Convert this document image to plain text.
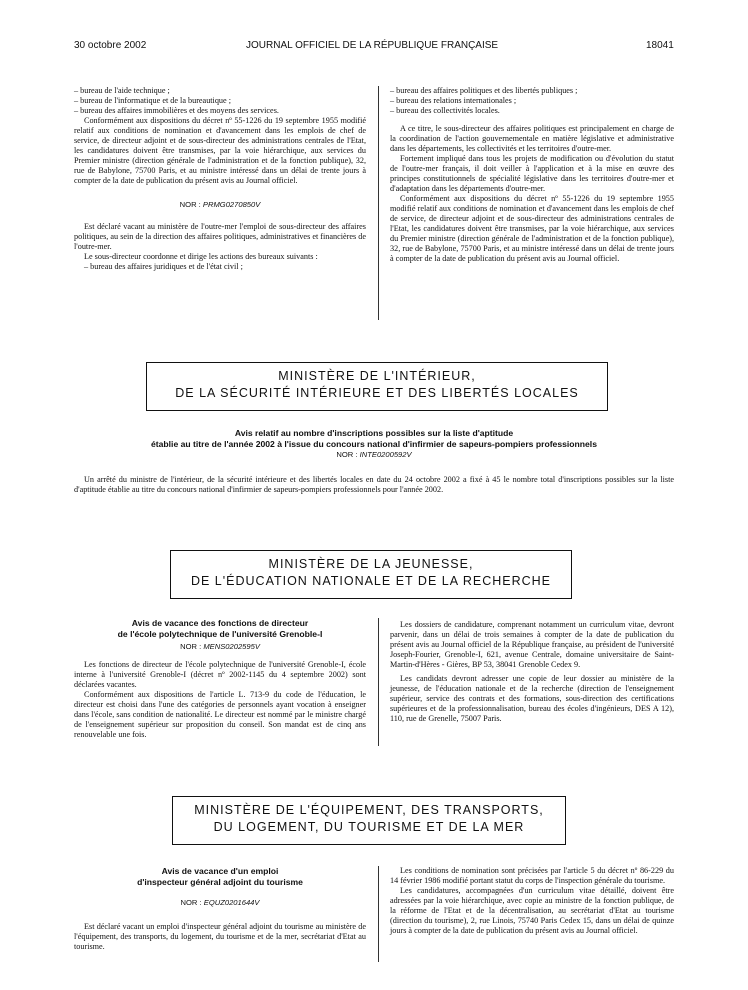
30 octobre 2002	JOURNAL OFFICIEL DE LA RÉPUBLIQUE FRANÇAISE	18041

– bureau de l'aide technique ;

– bureau de l'informatique et de la bureautique ;

– bureau des affaires immobilières et des moyens des services.

Conformément aux dispositions du décret nº 55-1226 du 19 septembre 1955 modifié relatif aux conditions de nomination et d'avancement dans les emplois de chef de service, de directeur adjoint et de sous-directeur des administrations centrales de l'Etat, les candidatures doivent être transmises, par la voie hiérarchique, aux services du Premier ministre (direction générale de l'administration et de la fonction publique), 32, rue de Babylone, 75700 Paris, et au ministre intéressé dans un délai de trente jours à compter de la date de publication du présent avis au Journal officiel.

NOR : PRMG0270850V

Est déclaré vacant au ministère de l'outre-mer l'emploi de sous-directeur des affaires politiques, au sein de la direction des affaires politiques, administratives et financières de l'outre-mer.

Le sous-directeur coordonne et dirige les actions des bureaux suivants :

– bureau des affaires juridiques et de l'état civil ;

– bureau des affaires politiques et des libertés publiques ;

– bureau des relations internationales ;

– bureau des collectivités locales.

A ce titre, le sous-directeur des affaires politiques est principalement en charge de la coordination de l'action gouvernementale en matière législative et administrative dans les départements, les collectivités et les territoires d'outre-mer.

Fortement impliqué dans tous les projets de modification ou d'évolution du statut de l'outre-mer français, il doit veiller à l'application et à la mise en œuvre des principes constitutionnels de spécialité législative dans les territoires d'outre-mer et d'adaptation dans les départements d'outre-mer.

Conformément aux dispositions du décret nº 55-1226 du 19 septembre 1955 modifié relatif aux conditions de nomination et d'avancement dans les emplois de chef de service, de directeur adjoint et de sous-directeur des administrations centrales de l'Etat, les candidatures doivent être transmises, par la voie hiérarchique, aux services du Premier ministre (direction générale de l'administration et de la fonction publique), 32, rue de Babylone, 75700 Paris, et au ministre intéressé dans un délai de trente jours à compter de la date de publication du présent avis au Journal officiel.

MINISTÈRE DE L'INTÉRIEUR,
DE LA SÉCURITÉ INTÉRIEURE ET DES LIBERTÉS LOCALES
Avis relatif au nombre d'inscriptions possibles sur la liste d'aptitude
établie au titre de l'année 2002 à l'issue du concours national d'infirmier de sapeurs-pompiers professionnels
NOR : INTE0200592V

Un arrêté du ministre de l'intérieur, de la sécurité intérieure et des libertés locales en date du 24 octobre 2002 a fixé à 45 le nombre total d'inscriptions possibles sur la liste d'aptitude établie au titre du concours national d'infirmier de sapeurs-pompiers professionnels pour l'année 2002.

MINISTÈRE DE LA JEUNESSE,
DE L'ÉDUCATION NATIONALE ET DE LA RECHERCHE
Avis de vacance des fonctions de directeur
de l'école polytechnique de l'université Grenoble-I
NOR : MENS0202595V

Les fonctions de directeur de l'école polytechnique de l'université Grenoble-I, école interne à l'université Grenoble-I (décret nº 2002-1145 du 4 septembre 2002) sont déclarées vacantes.

Conformément aux dispositions de l'article L. 713-9 du code de l'éducation, le directeur est choisi dans l'une des catégories de personnels ayant vocation à enseigner dans l'école, sans condition de nationalité. Le directeur est nommé par le ministre chargé de l'enseignement supérieur sur proposition du conseil. Son mandat est de cinq ans renouvelable une fois.

Les dossiers de candidature, comprenant notamment un curriculum vitae, devront parvenir, dans un délai de trois semaines à compter de la date de publication du présent avis au Journal officiel de la République française, au président de l'université Joseph-Fourier, Grenoble-I, 621, avenue Centrale, domaine universitaire de Saint-Martin-d'Hères - Gières, BP 53, 38041 Grenoble Cedex 9.

Les candidats devront adresser une copie de leur dossier au ministère de la jeunesse, de l'éducation nationale et de la recherche (direction de l'enseignement supérieur, service des contrats et des formations, sous-direction des certifications supérieures et de la professionnalisation, bureau des écoles d'ingénieurs, DES A 12), 110, rue de Grenelle, 75007 Paris.

MINISTÈRE DE L'ÉQUIPEMENT, DES TRANSPORTS,
DU LOGEMENT, DU TOURISME ET DE LA MER
Avis de vacance d'un emploi
d'inspecteur général adjoint du tourisme
NOR : EQUZ0201644V

Est déclaré vacant un emploi d'inspecteur général adjoint du tourisme au ministère de l'équipement, des transports, du logement, du tourisme et de la mer, secrétariat d'Etat au tourisme.

Les conditions de nomination sont précisées par l'article 5 du décret nº 86-229 du 14 février 1986 modifié portant statut du corps de l'inspection générale du tourisme.

Les candidatures, accompagnées d'un curriculum vitae détaillé, doivent être adressées par la voie hiérarchique, avec copie au ministre de la fonction publique, de la réforme de l'Etat et de la décentralisation, au secrétariat d'Etat au tourisme (direction du tourisme), 2, rue Linois, 75740 Paris Cedex 15, dans un délai de quinze jours à compter de la date de publication du présent avis au Journal officiel.
